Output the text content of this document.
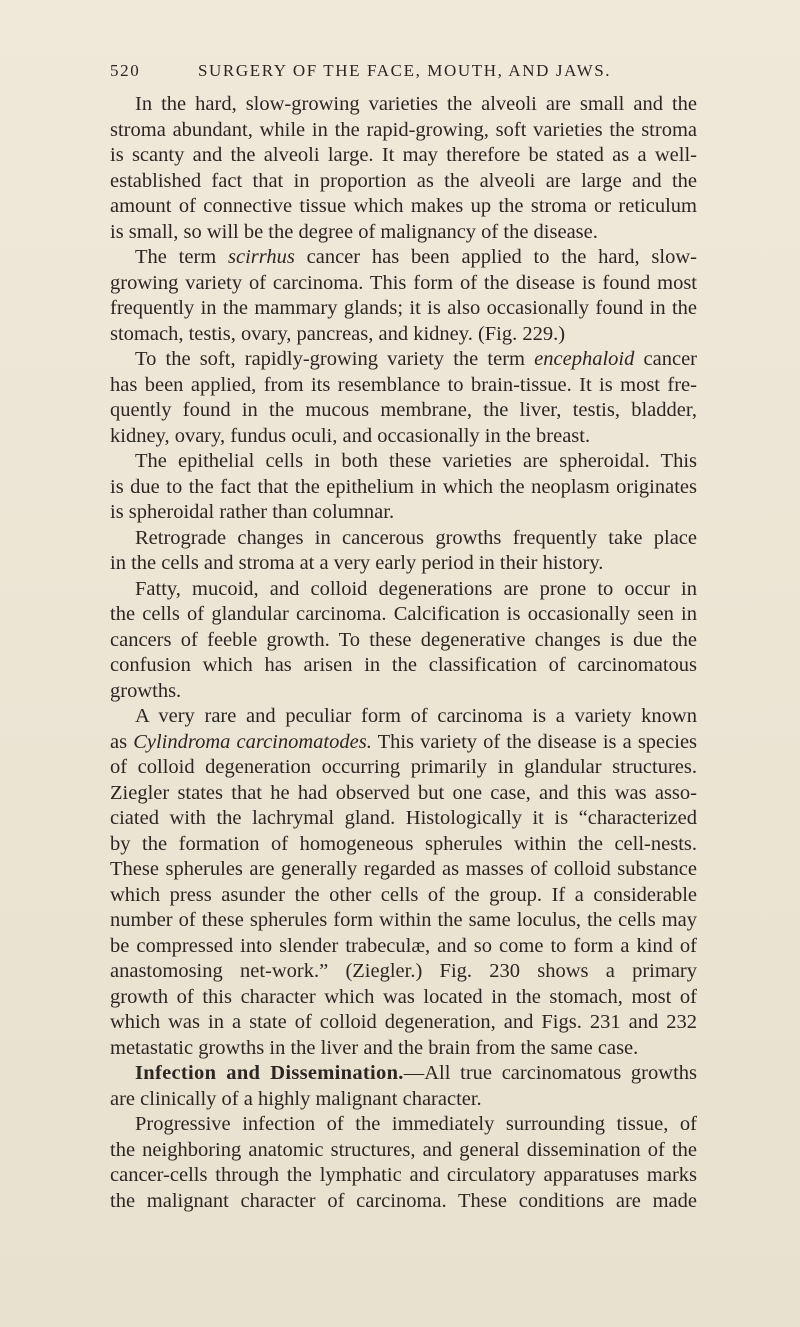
520	SURGERY OF THE FACE, MOUTH, AND JAWS.
In the hard, slow-growing varieties the alveoli are small and the
stroma abundant, while in the rapid-growing, soft varieties the stroma
is scanty and the alveoli large. It may therefore be stated as a well-
established fact that in proportion as the alveoli are large and the
amount of connective tissue which makes up the stroma or reticulum
is small, so will be the degree of malignancy of the disease.
The term scirrhus cancer has been applied to the hard, slow-
growing variety of carcinoma. This form of the disease is found most
frequently in the mammary glands; it is also occasionally found in the
stomach, testis, ovary, pancreas, and kidney. (Fig. 229.)
To the soft, rapidly-growing variety the term encephaloid cancer
has been applied, from its resemblance to brain-tissue. It is most fre-
quently found in the mucous membrane, the liver, testis, bladder,
kidney, ovary, fundus oculi, and occasionally in the breast.
The epithelial cells in both these varieties are spheroidal. This
is due to the fact that the epithelium in which the neoplasm originates
is spheroidal rather than columnar.
Retrograde changes in cancerous growths frequently take place
in the cells and stroma at a very early period in their history.
Fatty, mucoid, and colloid degenerations are prone to occur in
the cells of glandular carcinoma. Calcification is occasionally seen in
cancers of feeble growth. To these degenerative changes is due the
confusion which has arisen in the classification of carcinomatous
growths.
A very rare and peculiar form of carcinoma is a variety known
as Cylindroma carcinomatodes. This variety of the disease is a species
of colloid degeneration occurring primarily in glandular structures.
Ziegler states that he had observed but one case, and this was asso-
ciated with the lachrymal gland. Histologically it is “characterized
by the formation of homogeneous spherules within the cell-nests.
These spherules are generally regarded as masses of colloid substance
which press asunder the other cells of the group. If a considerable
number of these spherules form within the same loculus, the cells may
be compressed into slender trabeculæ, and so come to form a kind of
anastomosing net-work.” (Ziegler.) Fig. 230 shows a primary
growth of this character which was located in the stomach, most of
which was in a state of colloid degeneration, and Figs. 231 and 232
metastatic growths in the liver and the brain from the same case.
Infection and Dissemination.—All true carcinomatous growths
are clinically of a highly malignant character.
Progressive infection of the immediately surrounding tissue, of
the neighboring anatomic structures, and general dissemination of the
cancer-cells through the lymphatic and circulatory apparatuses marks
the malignant character of carcinoma. These conditions are made
